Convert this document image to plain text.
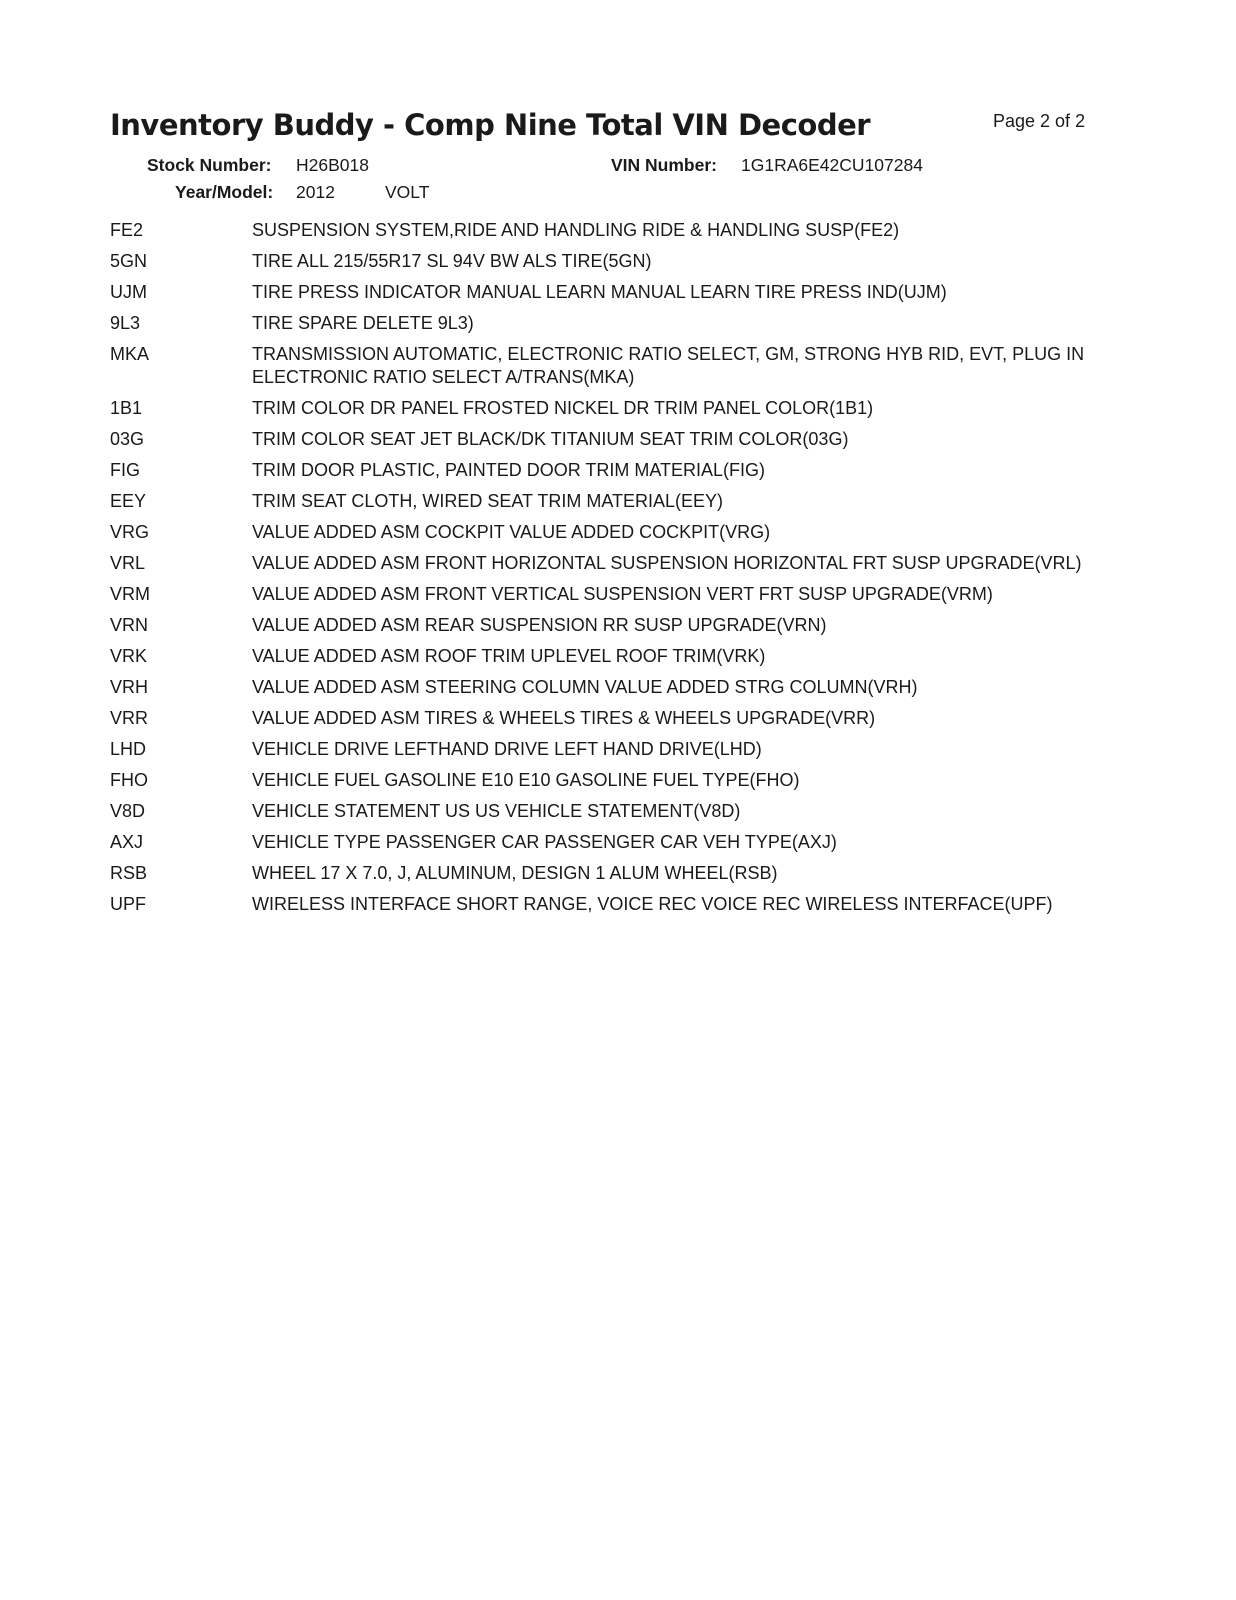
Inventory Buddy - Comp Nine Total VIN Decoder	Page 2 of 2
Stock Number: H26B018	VIN Number: 1G1RA6E42CU107284
Year/Model: 2012	VOLT
FE2	SUSPENSION SYSTEM,RIDE AND HANDLING RIDE & HANDLING SUSP(FE2)
5GN	TIRE ALL 215/55R17 SL 94V BW ALS TIRE(5GN)
UJM	TIRE PRESS INDICATOR MANUAL LEARN MANUAL LEARN TIRE PRESS IND(UJM)
9L3	TIRE SPARE DELETE 9L3)
MKA	TRANSMISSION AUTOMATIC, ELECTRONIC RATIO SELECT, GM, STRONG HYB RID, EVT, PLUG IN ELECTRONIC RATIO SELECT A/TRANS(MKA)
1B1	TRIM COLOR DR PANEL FROSTED NICKEL DR TRIM PANEL COLOR(1B1)
03G	TRIM COLOR SEAT JET BLACK/DK TITANIUM SEAT TRIM COLOR(03G)
FIG	TRIM DOOR PLASTIC, PAINTED DOOR TRIM MATERIAL(FIG)
EEY	TRIM SEAT CLOTH, WIRED SEAT TRIM MATERIAL(EEY)
VRG	VALUE ADDED ASM COCKPIT VALUE ADDED COCKPIT(VRG)
VRL	VALUE ADDED ASM FRONT HORIZONTAL SUSPENSION HORIZONTAL FRT SUSP UPGRADE(VRL)
VRM	VALUE ADDED ASM FRONT VERTICAL SUSPENSION VERT FRT SUSP UPGRADE(VRM)
VRN	VALUE ADDED ASM REAR SUSPENSION RR SUSP UPGRADE(VRN)
VRK	VALUE ADDED ASM ROOF TRIM UPLEVEL ROOF TRIM(VRK)
VRH	VALUE ADDED ASM STEERING COLUMN VALUE ADDED STRG COLUMN(VRH)
VRR	VALUE ADDED ASM TIRES & WHEELS TIRES & WHEELS UPGRADE(VRR)
LHD	VEHICLE DRIVE LEFTHAND DRIVE LEFT HAND DRIVE(LHD)
FHO	VEHICLE FUEL GASOLINE E10 E10 GASOLINE FUEL TYPE(FHO)
V8D	VEHICLE STATEMENT US US VEHICLE STATEMENT(V8D)
AXJ	VEHICLE TYPE PASSENGER CAR PASSENGER CAR VEH TYPE(AXJ)
RSB	WHEEL 17 X 7.0, J, ALUMINUM, DESIGN 1 ALUM WHEEL(RSB)
UPF	WIRELESS INTERFACE SHORT RANGE, VOICE REC VOICE REC WIRELESS INTERFACE(UPF)
